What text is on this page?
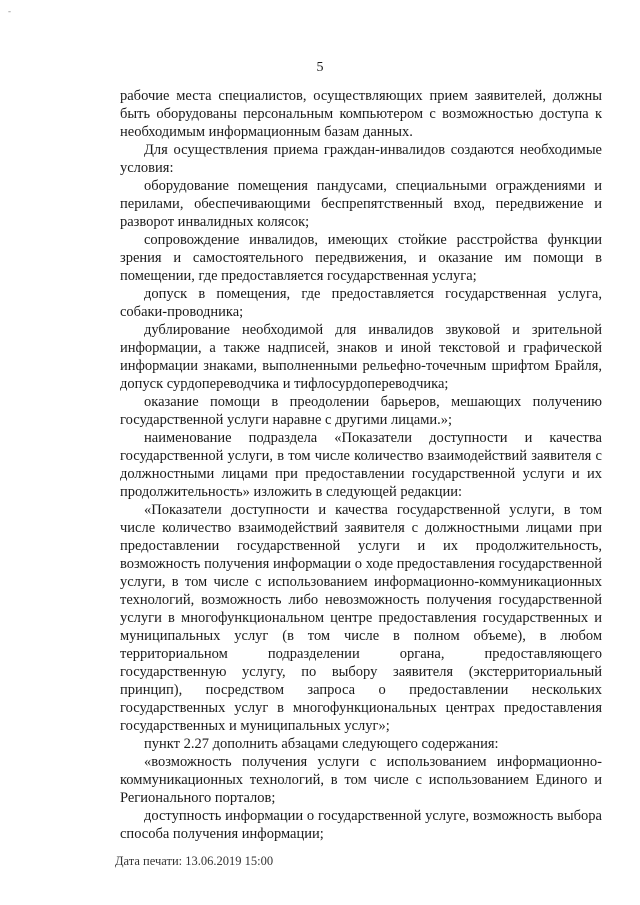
-
5

рабочие места специалистов, осуществляющих прием заявителей, должны быть оборудованы персональным компьютером с возможностью доступа к необходимым информационным базам данных.

Для осуществления приема граждан-инвалидов создаются необходимые условия:

оборудование помещения пандусами, специальными ограждениями и перилами, обеспечивающими беспрепятственный вход, передвижение и разворот инвалидных колясок;

сопровождение инвалидов, имеющих стойкие расстройства функции зрения и самостоятельного передвижения, и оказание им помощи в помещении, где предоставляется государственная услуга;

допуск в помещения, где предоставляется государственная услуга, собаки-проводника;

дублирование необходимой для инвалидов звуковой и зрительной информации, а также надписей, знаков и иной текстовой и графической информации знаками, выполненными рельефно-точечным шрифтом Брайля, допуск сурдопереводчика и тифлосурдопереводчика;

оказание помощи в преодолении барьеров, мешающих получению государственной услуги наравне с другими лицами.»;

наименование подраздела «Показатели доступности и качества государственной услуги, в том числе количество взаимодействий заявителя с должностными лицами при предоставлении государственной услуги и их продолжительность» изложить в следующей редакции:

«Показатели доступности и качества государственной услуги, в том числе количество взаимодействий заявителя с должностными лицами при предоставлении государственной услуги и их продолжительность, возможность получения информации о ходе предоставления государственной услуги, в том числе с использованием информационно-коммуникационных технологий, возможность либо невозможность получения государственной услуги в многофункциональном центре предоставления государственных и муниципальных услуг (в том числе в полном объеме), в любом территориальном подразделении органа, предоставляющего государственную услугу, по выбору заявителя (экстерриториальный принцип), посредством запроса о предоставлении нескольких государственных услуг в многофункциональных центрах предоставления государственных и муниципальных услуг»;

пункт 2.27 дополнить абзацами следующего содержания:

«возможность получения услуги с использованием информационно-коммуникационных технологий, в том числе с использованием Единого и Регионального порталов;

доступность информации о государственной услуге, возможность выбора способа получения информации;

Дата печати: 13.06.2019 15:00
